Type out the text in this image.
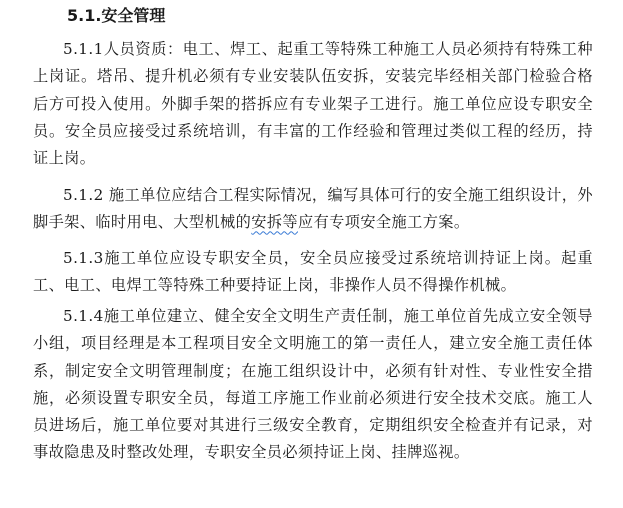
5.1.安全管理

5.1.1人员资质：电工、焊工、起重工等特殊工种施工人员必须持有特殊工种上岗证。塔吊、提升机必须有专业安装队伍安拆，安装完毕经相关部门检验合格后方可投入使用。外脚手架的搭拆应有专业架子工进行。施工单位应设专职安全员。安全员应接受过系统培训，有丰富的工作经验和管理过类似工程的经历，持证上岗。

5.1.2 施工单位应结合工程实际情况，编写具体可行的安全施工组织设计，外脚手架、临时用电、大型机械的安拆等应有专项安全施工方案。

5.1.3施工单位应设专职安全员，安全员应接受过系统培训持证上岗。起重工、电工、电焊工等特殊工种要持证上岗，非操作人员不得操作机械。

5.1.4施工单位建立、健全安全文明生产责任制，施工单位首先成立安全领导小组，项目经理是本工程项目安全文明施工的第一责任人，建立安全施工责任体系，制定安全文明管理制度；在施工组织设计中，必须有针对性、专业性安全措施，必须设置专职安全员，每道工序施工作业前必须进行安全技术交底。施工人员进场后，施工单位要对其进行三级安全教育，定期组织安全检查并有记录，对事故隐患及时整改处理，专职安全员必须持证上岗、挂牌巡视。
